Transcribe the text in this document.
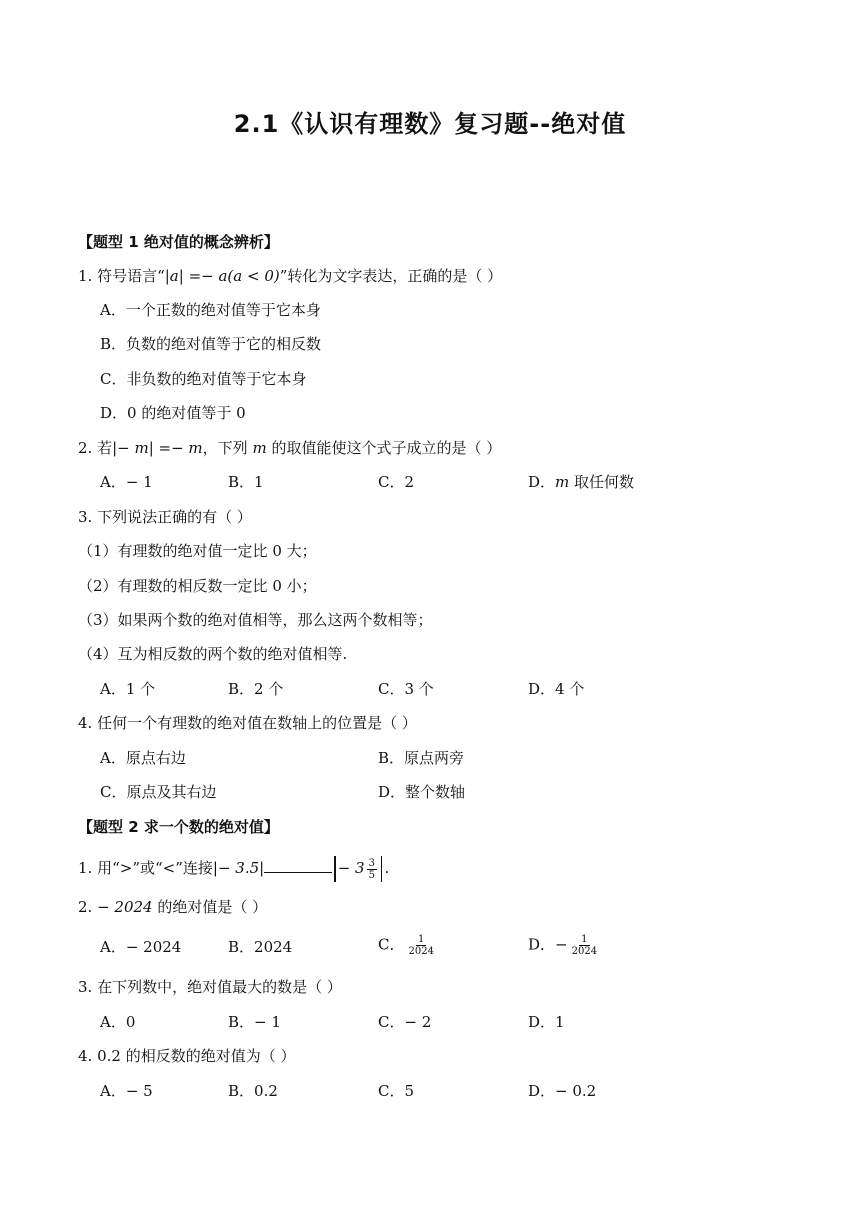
2.1《认识有理数》复习题--绝对值
【题型 1 绝对值的概念辨析】
1. 符号语言“|a| =− a(a < 0)”转化为文字表达，正确的是（ ）
A．一个正数的绝对值等于它本身
B．负数的绝对值等于它的相反数
C．非负数的绝对值等于它本身
D．0 的绝对值等于 0
2. 若|− m| =− m，下列 m 的取值能使这个式子成立的是（ ）
A．− 1	B．1	C．2	D．m 取任何数
3. 下列说法正确的有（ ）
（1）有理数的绝对值一定比 0 大；
（2）有理数的相反数一定比 0 小；
（3）如果两个数的绝对值相等，那么这两个数相等；
（4）互为相反数的两个数的绝对值相等.
A．1 个	B．2 个	C．3 个	D．4 个
4. 任何一个有理数的绝对值在数轴上的位置是（ ）
A．原点右边	B．原点两旁
C．原点及其右边	D．整个数轴
【题型 2 求一个数的绝对值】
1. 用“>”或“<”连接|− 3.5|	− $3 \frac{3}{5}$ .
2. − 2024 的绝对值是（ ）
A．− 2024	B．2024	C． $\frac{1}{2024}$	D．− $\frac{1}{2024}$
3. 在下列数中，绝对值最大的数是（ ）
A．0	B．− 1	C．− 2	D．1
4. 0.2 的相反数的绝对值为（ ）
A．− 5	B．0.2	C．5	D．− 0.2
